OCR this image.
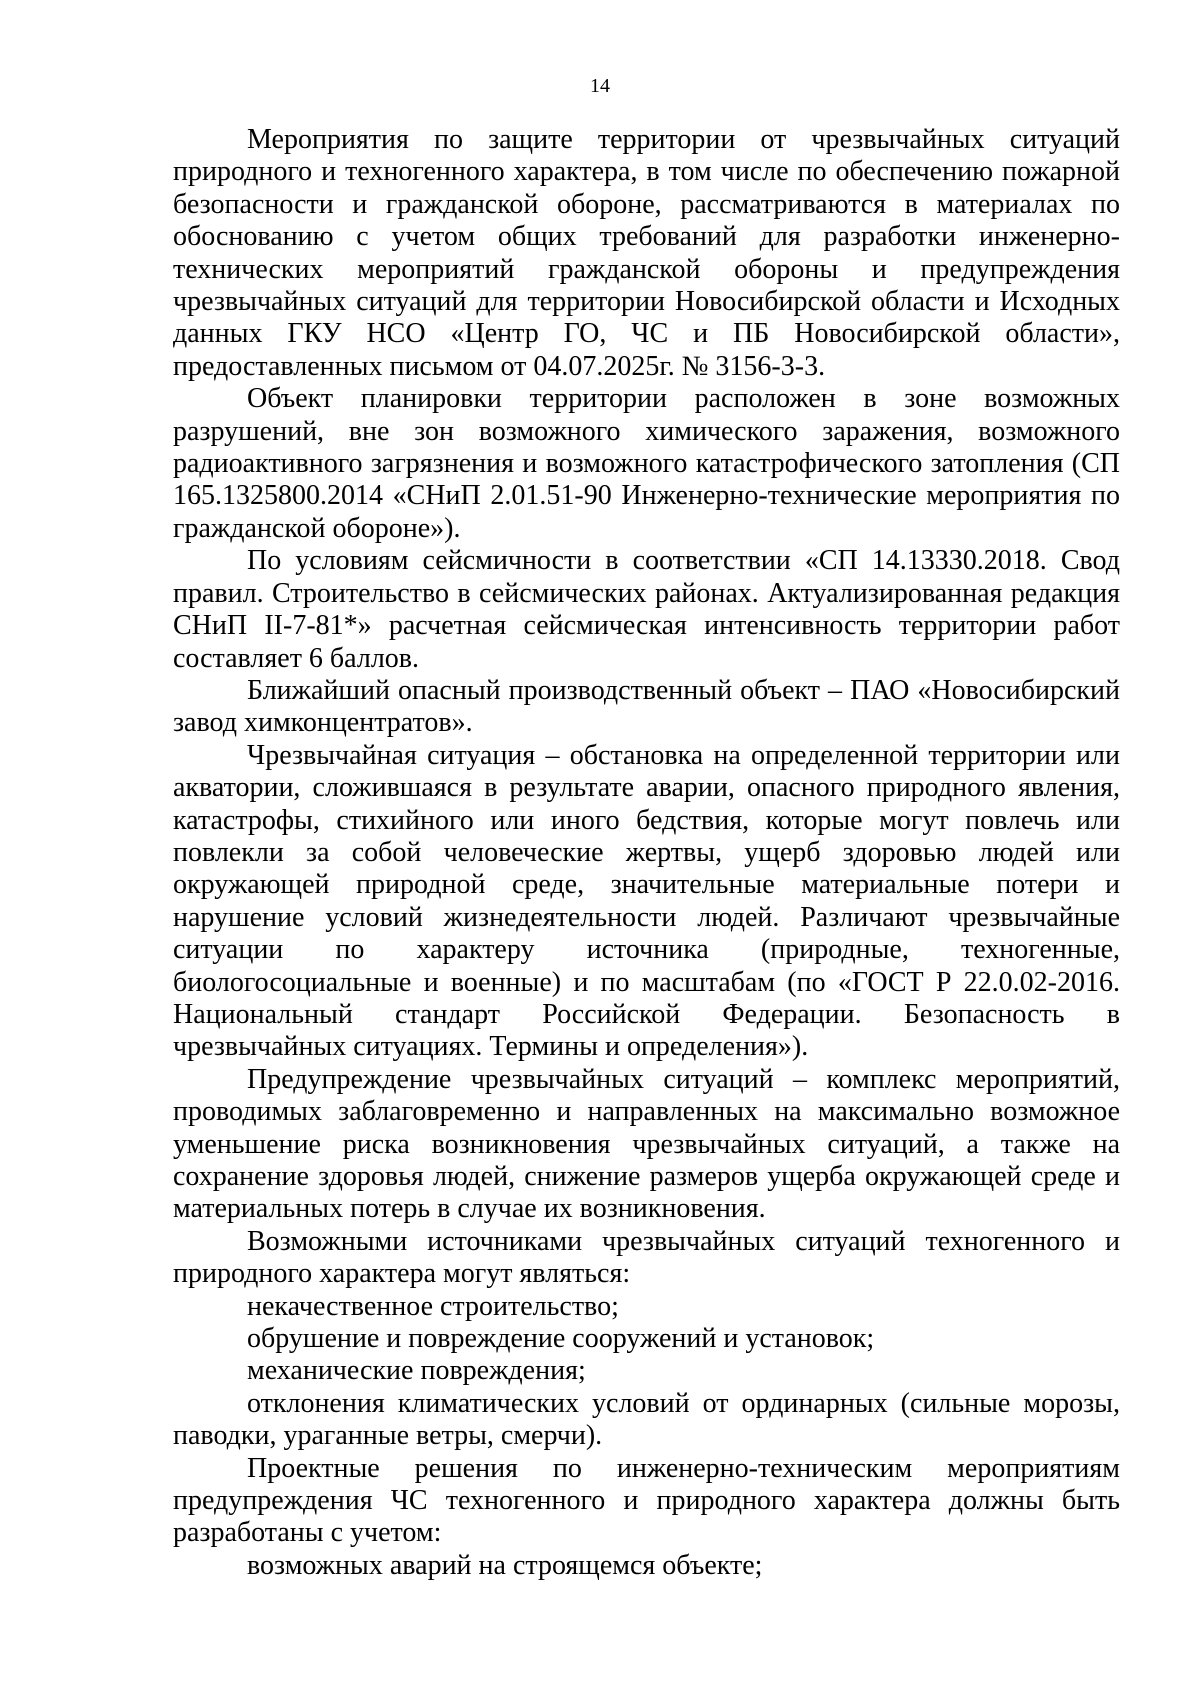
14

Мероприятия по защите территории от чрезвычайных ситуаций природного и техногенного характера, в том числе по обеспечению пожарной безопасности и гражданской обороне, рассматриваются в материалах по обоснованию с учетом общих требований для разработки инженерно-технических мероприятий гражданской обороны и предупреждения чрезвычайных ситуаций для территории Новосибирской области и Исходных данных ГКУ НСО «Центр ГО, ЧС и ПБ Новосибирской области», предоставленных письмом от 04.07.2025г. № 3156-3-3.

Объект планировки территории расположен в зоне возможных разрушений, вне зон возможного химического заражения, возможного радиоактивного загрязнения и возможного катастрофического затопления (СП 165.1325800.2014 «СНиП 2.01.51-90 Инженерно-технические мероприятия по гражданской обороне»).

По условиям сейсмичности в соответствии «СП 14.13330.2018. Свод правил. Строительство в сейсмических районах. Актуализированная редакция СНиП II-7-81*» расчетная сейсмическая интенсивность территории работ составляет 6 баллов.

Ближайший опасный производственный объект – ПАО «Новосибирский завод химконцентратов».

Чрезвычайная ситуация – обстановка на определенной территории или акватории, сложившаяся в результате аварии, опасного природного явления, катастрофы, стихийного или иного бедствия, которые могут повлечь или повлекли за собой человеческие жертвы, ущерб здоровью людей или окружающей природной среде, значительные материальные потери и нарушение условий жизнедеятельности людей. Различают чрезвычайные ситуации по характеру источника (природные, техногенные, биологосоциальные и военные) и по масштабам (по «ГОСТ Р 22.0.02-2016. Национальный стандарт Российской Федерации. Безопасность в чрезвычайных ситуациях. Термины и определения»).

Предупреждение чрезвычайных ситуаций – комплекс мероприятий, проводимых заблаговременно и направленных на максимально возможное уменьшение риска возникновения чрезвычайных ситуаций, а также на сохранение здоровья людей, снижение размеров ущерба окружающей среде и материальных потерь в случае их возникновения.

Возможными источниками чрезвычайных ситуаций техногенного и природного характера могут являться:

некачественное строительство;

обрушение и повреждение сооружений и установок;

механические повреждения;

отклонения климатических условий от ординарных (сильные морозы, паводки, ураганные ветры, смерчи).

Проектные решения по инженерно-техническим мероприятиям предупреждения ЧС техногенного и природного характера должны быть разработаны с учетом:

возможных аварий на строящемся объекте;
